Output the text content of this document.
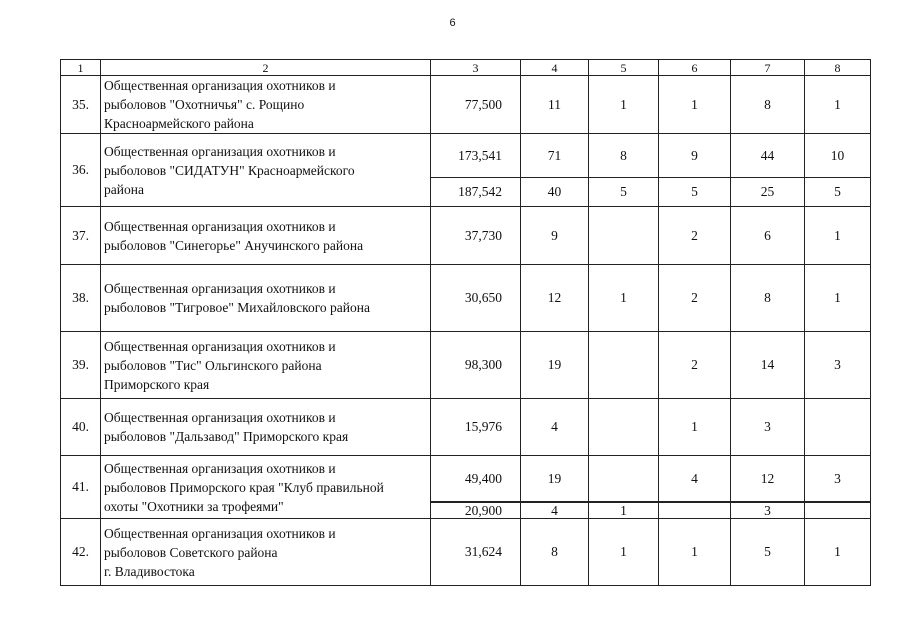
6
1	2	3	4	5	6	7	8
35.	Общественная организация охотников и
рыболовов "Охотничья" с. Рощино
Красноармейского района	77,500	11	1	1	8	1
36.	Общественная организация охотников и
рыболовов "СИДАТУН" Красноармейского
района	173,541	71	8	9	44	10
		187,542	40	5	5	25	5
37.	Общественная организация охотников и
рыболовов "Синегорье" Анучинского района	37,730	9		2	6	1
38.	Общественная организация охотников и
рыболовов "Тигровое" Михайловского района	30,650	12	1	2	8	1
39.	Общественная организация охотников и
рыболовов "Тис" Ольгинского района
Приморского края	98,300	19		2	14	3
40.	Общественная организация охотников и
рыболовов "Дальзавод" Приморского края	15,976	4		1	3	
41.	Общественная организация охотников и
рыболовов Приморского края "Клуб правильной
охоты "Охотники за трофеями"	49,400	19		4	12	3
		20,900	4	1		3	
42.	Общественная организация охотников и
рыболовов Советского района
г. Владивостока	31,624	8	1	1	5	1
